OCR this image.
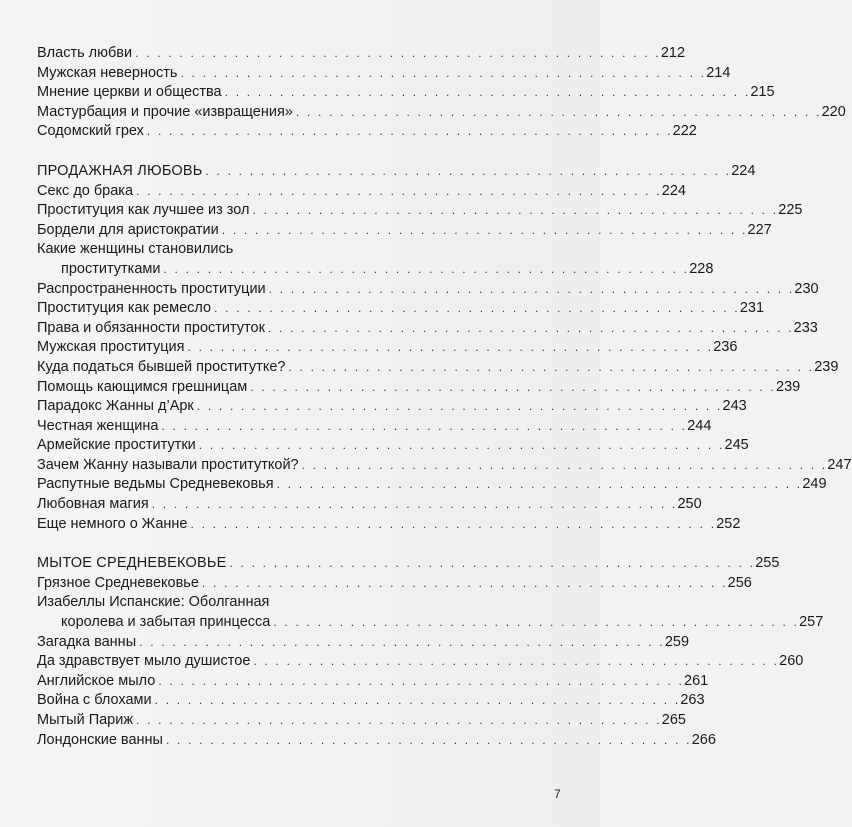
Власть любви . . . . . . . . . . . . . . . . . . . . . . . . . . . . . . . . . . . . . . . . . . . . . . . . 212
Мужская неверность . . . . . . . . . . . . . . . . . . . . . . . . . . . . . . . . . . . . . . . . . . . . . . . . 214
Мнение церкви и общества . . . . . . . . . . . . . . . . . . . . . . . . . . . . . . . . . . . . . . . . . . . . . . . . 215
Мастурбация и прочие «извращения» . . . . . . . . . . . . . . . . . . . . . . . . . . . . . . . . . . . . . . . . . . . . . . . . 220
Содомский грех . . . . . . . . . . . . . . . . . . . . . . . . . . . . . . . . . . . . . . . . . . . . . . . . 222
ПРОДАЖНАЯ ЛЮБОВЬ . . . . . . . . . . . . . . . . . . . . . . . . . . . . . . . . . . . . . . . . . . . . . . . . 224
Секс до брака . . . . . . . . . . . . . . . . . . . . . . . . . . . . . . . . . . . . . . . . . . . . . . . . 224
Проституция как лучшее из зол . . . . . . . . . . . . . . . . . . . . . . . . . . . . . . . . . . . . . . . . . . . . . . . . 225
Бордели для аристократии . . . . . . . . . . . . . . . . . . . . . . . . . . . . . . . . . . . . . . . . . . . . . . . . 227
Какие женщины становились
проститутками . . . . . . . . . . . . . . . . . . . . . . . . . . . . . . . . . . . . . . . . . . . . . . . . 228
Распространенность проституции . . . . . . . . . . . . . . . . . . . . . . . . . . . . . . . . . . . . . . . . . . . . . . . . 230
Проституция как ремесло . . . . . . . . . . . . . . . . . . . . . . . . . . . . . . . . . . . . . . . . . . . . . . . . 231
Права и обязанности проституток . . . . . . . . . . . . . . . . . . . . . . . . . . . . . . . . . . . . . . . . . . . . . . . . 233
Мужская проституция . . . . . . . . . . . . . . . . . . . . . . . . . . . . . . . . . . . . . . . . . . . . . . . . 236
Куда податься бывшей проститутке? . . . . . . . . . . . . . . . . . . . . . . . . . . . . . . . . . . . . . . . . . . . . . . . . 239
Помощь кающимся грешницам . . . . . . . . . . . . . . . . . . . . . . . . . . . . . . . . . . . . . . . . . . . . . . . . 239
Парадокс Жанны д’Арк . . . . . . . . . . . . . . . . . . . . . . . . . . . . . . . . . . . . . . . . . . . . . . . . 243
Честная женщина . . . . . . . . . . . . . . . . . . . . . . . . . . . . . . . . . . . . . . . . . . . . . . . . 244
Армейские проститутки . . . . . . . . . . . . . . . . . . . . . . . . . . . . . . . . . . . . . . . . . . . . . . . . 245
Зачем Жанну называли проституткой? . . . . . . . . . . . . . . . . . . . . . . . . . . . . . . . . . . . . . . . . . . . . . . . . 247
Распутные ведьмы Средневековья . . . . . . . . . . . . . . . . . . . . . . . . . . . . . . . . . . . . . . . . . . . . . . . . 249
Любовная магия . . . . . . . . . . . . . . . . . . . . . . . . . . . . . . . . . . . . . . . . . . . . . . . . 250
Еще немного о Жанне . . . . . . . . . . . . . . . . . . . . . . . . . . . . . . . . . . . . . . . . . . . . . . . . 252
МЫТОЕ СРЕДНЕВЕКОВЬЕ . . . . . . . . . . . . . . . . . . . . . . . . . . . . . . . . . . . . . . . . . . . . . . . . 255
Грязное Средневековье . . . . . . . . . . . . . . . . . . . . . . . . . . . . . . . . . . . . . . . . . . . . . . . . 256
Изабеллы Испанские: Оболганная
королева и забытая принцесса . . . . . . . . . . . . . . . . . . . . . . . . . . . . . . . . . . . . . . . . . . . . . . . . 257
Загадка ванны . . . . . . . . . . . . . . . . . . . . . . . . . . . . . . . . . . . . . . . . . . . . . . . . 259
Да здравствует мыло душистое . . . . . . . . . . . . . . . . . . . . . . . . . . . . . . . . . . . . . . . . . . . . . . . . 260
Английское мыло . . . . . . . . . . . . . . . . . . . . . . . . . . . . . . . . . . . . . . . . . . . . . . . . 261
Война с блохами . . . . . . . . . . . . . . . . . . . . . . . . . . . . . . . . . . . . . . . . . . . . . . . . 263
Мытый Париж . . . . . . . . . . . . . . . . . . . . . . . . . . . . . . . . . . . . . . . . . . . . . . . . 265
Лондонские ванны . . . . . . . . . . . . . . . . . . . . . . . . . . . . . . . . . . . . . . . . . . . . . . . . 266
7
